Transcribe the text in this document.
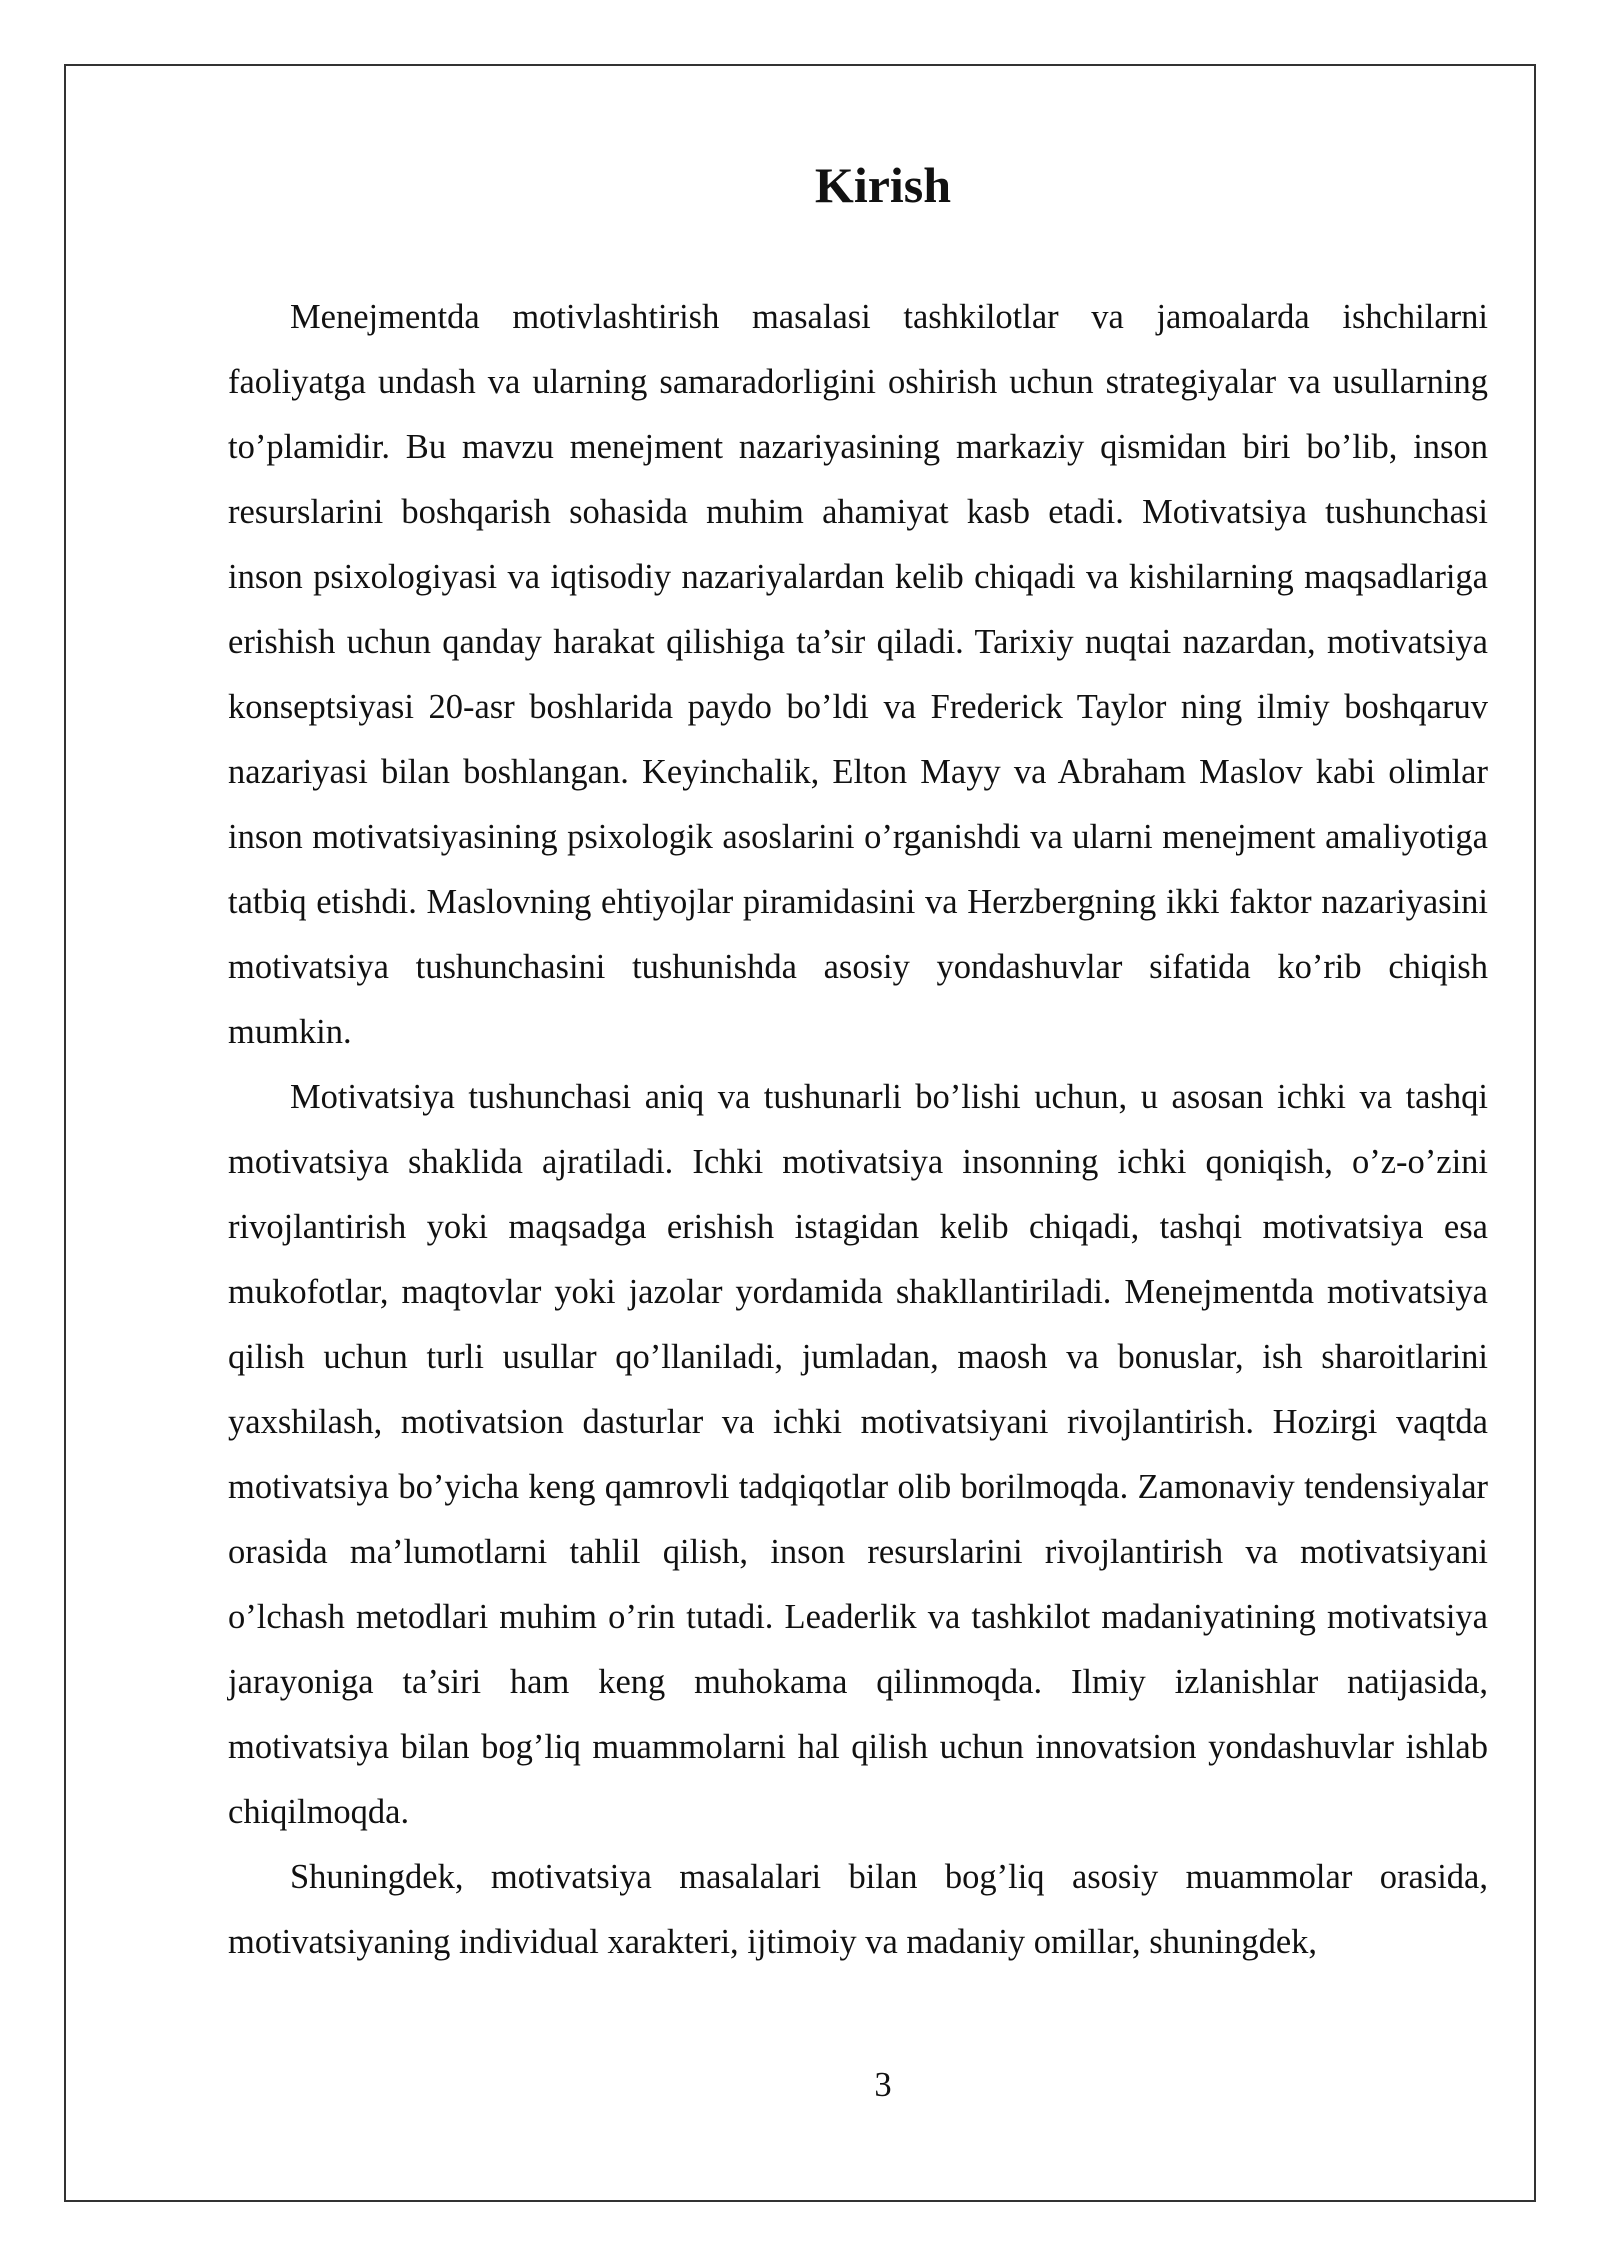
Kirish

Menejmentda motivlashtirish masalasi tashkilotlar va jamoalarda ishchilarni faoliyatga undash va ularning samaradorligini oshirish uchun strategiyalar va usullarning to’plamidir. Bu mavzu menejment nazariyasining markaziy qismidan biri bo’lib, inson resurslarini boshqarish sohasida muhim ahamiyat kasb etadi. Motivatsiya tushunchasi inson psixologiyasi va iqtisodiy nazariyalardan kelib chiqadi va kishilarning maqsadlariga erishish uchun qanday harakat qilishiga ta’sir qiladi. Tarixiy nuqtai nazardan, motivatsiya konseptsiyasi 20-asr boshlarida paydo bo’ldi va Frederick Taylor ning ilmiy boshqaruv nazariyasi bilan boshlangan. Keyinchalik, Elton Mayy va Abraham Maslov kabi olimlar inson motivatsiyasining psixologik asoslarini o’rganishdi va ularni menejment amaliyotiga tatbiq etishdi. Maslovning ehtiyojlar piramidasini va Herzbergning ikki faktor nazariyasini motivatsiya tushunchasini tushunishda asosiy yondashuvlar sifatida ko’rib chiqish mumkin.

Motivatsiya tushunchasi aniq va tushunarli bo’lishi uchun, u asosan ichki va tashqi motivatsiya shaklida ajratiladi. Ichki motivatsiya insonning ichki qoniqish, o’z-o’zini rivojlantirish yoki maqsadga erishish istagidan kelib chiqadi, tashqi motivatsiya esa mukofotlar, maqtovlar yoki jazolar yordamida shakllantiriladi. Menejmentda motivatsiya qilish uchun turli usullar qo’llaniladi, jumladan, maosh va bonuslar, ish sharoitlarini yaxshilash, motivatsion dasturlar va ichki motivatsiyani rivojlantirish. Hozirgi vaqtda motivatsiya bo’yicha keng qamrovli tadqiqotlar olib borilmoqda. Zamonaviy tendensiyalar orasida ma’lumotlarni tahlil qilish, inson resurslarini rivojlantirish va motivatsiyani o’lchash metodlari muhim o’rin tutadi. Leaderlik va tashkilot madaniyatining motivatsiya jarayoniga ta’siri ham keng muhokama qilinmoqda. Ilmiy izlanishlar natijasida, motivatsiya bilan bog’liq muammolarni hal qilish uchun innovatsion yondashuvlar ishlab chiqilmoqda.

Shuningdek, motivatsiya masalalari bilan bog’liq asosiy muammolar orasida, motivatsiyaning individual xarakteri, ijtimoiy va madaniy omillar, shuningdek,

3
